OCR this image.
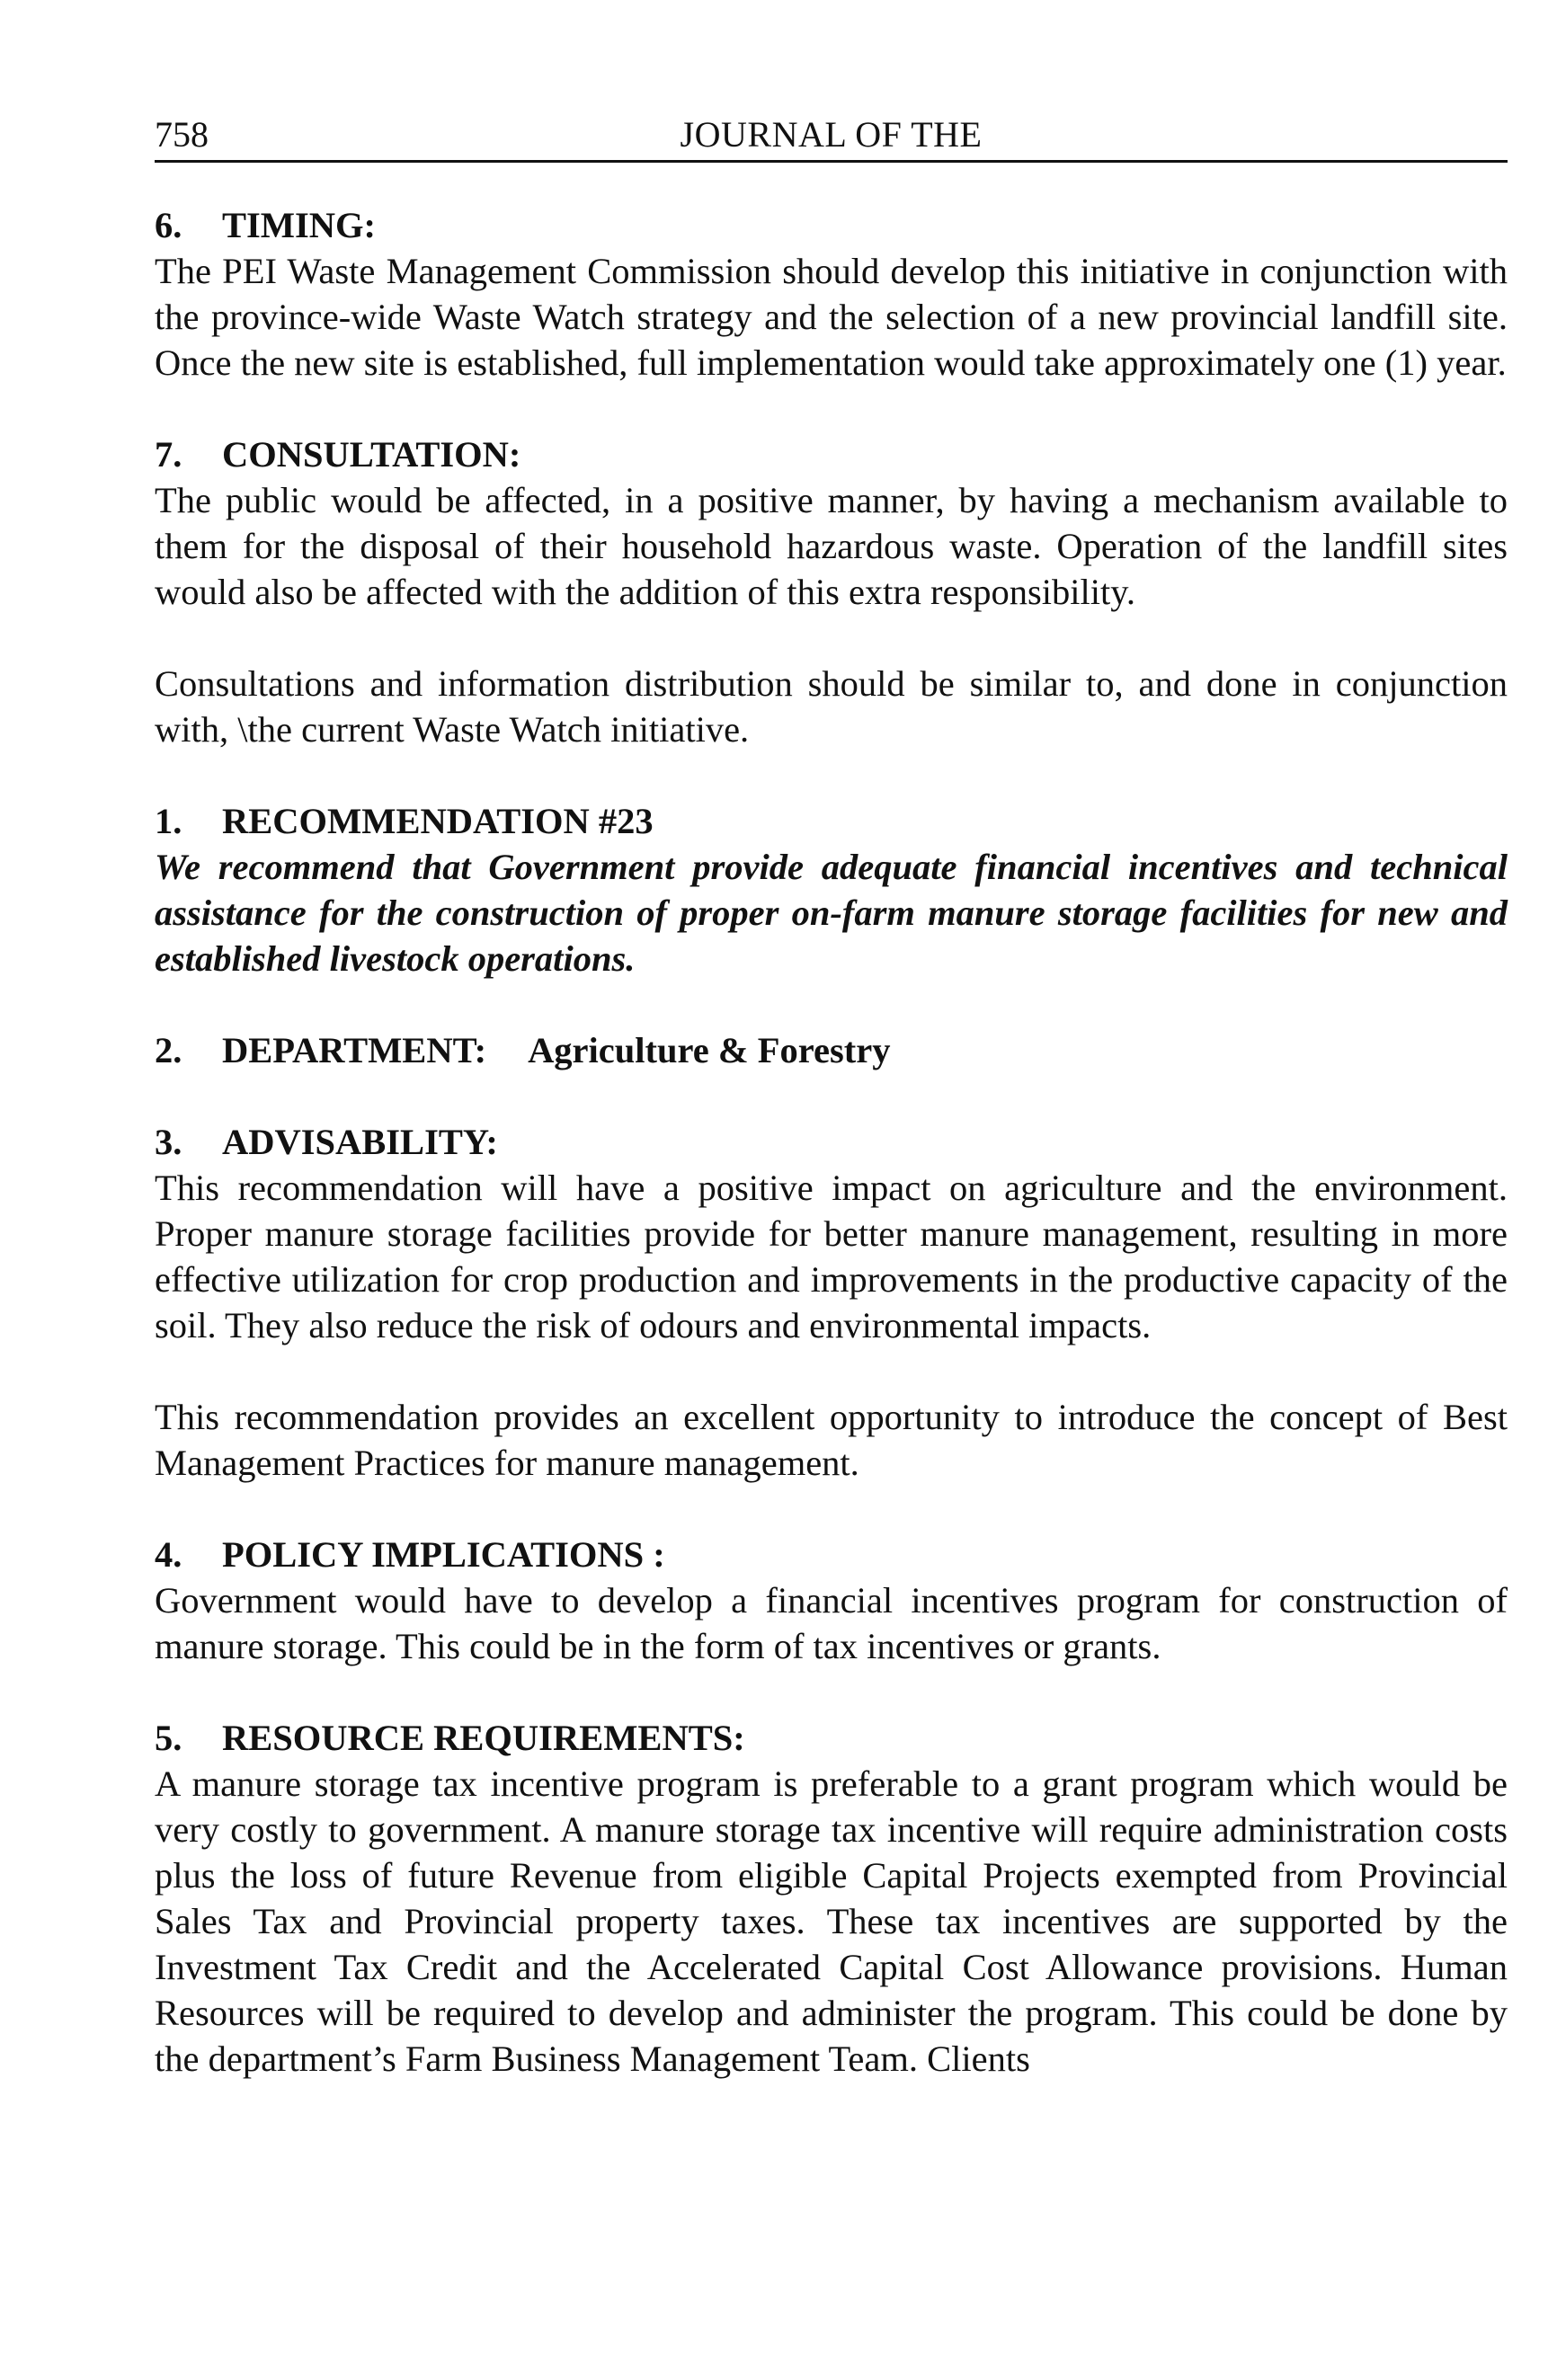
758	JOURNAL OF THE

6. TIMING:

The PEI Waste Management Commission should develop this initiative in conjunction with the province-wide Waste Watch strategy and the selection of a new provincial landfill site. Once the new site is established, full implementation would take approximately one (1) year.

7. CONSULTATION:

The public would be affected, in a positive manner, by having a mechanism available to them for the disposal of their household hazardous waste. Operation of the landfill sites would also be affected with the addition of this extra responsibility.

Consultations and information distribution should be similar to, and done in conjunction with, \the current Waste Watch initiative.

1. RECOMMENDATION #23

We recommend that Government provide adequate financial incentives and technical assistance for the construction of proper on-farm manure storage facilities for new and established livestock operations.

2. DEPARTMENT: Agriculture & Forestry

3. ADVISABILITY:

This recommendation will have a positive impact on agriculture and the environment. Proper manure storage facilities provide for better manure management, resulting in more effective utilization for crop production and improvements in the productive capacity of the soil. They also reduce the risk of odours and environmental impacts.

This recommendation provides an excellent opportunity to introduce the concept of Best Management Practices for manure management.

4. POLICY IMPLICATIONS :

Government would have to develop a financial incentives program for construction of manure storage. This could be in the form of tax incentives or grants.

5. RESOURCE REQUIREMENTS:

A manure storage tax incentive program is preferable to a grant program which would be very costly to government. A manure storage tax incentive will require administration costs plus the loss of future Revenue from eligible Capital Projects exempted from Provincial Sales Tax and Provincial property taxes. These tax incentives are supported by the Investment Tax Credit and the Accelerated Capital Cost Allowance provisions. Human Resources will be required to develop and administer the program. This could be done by the department’s Farm Business Management Team. Clients
